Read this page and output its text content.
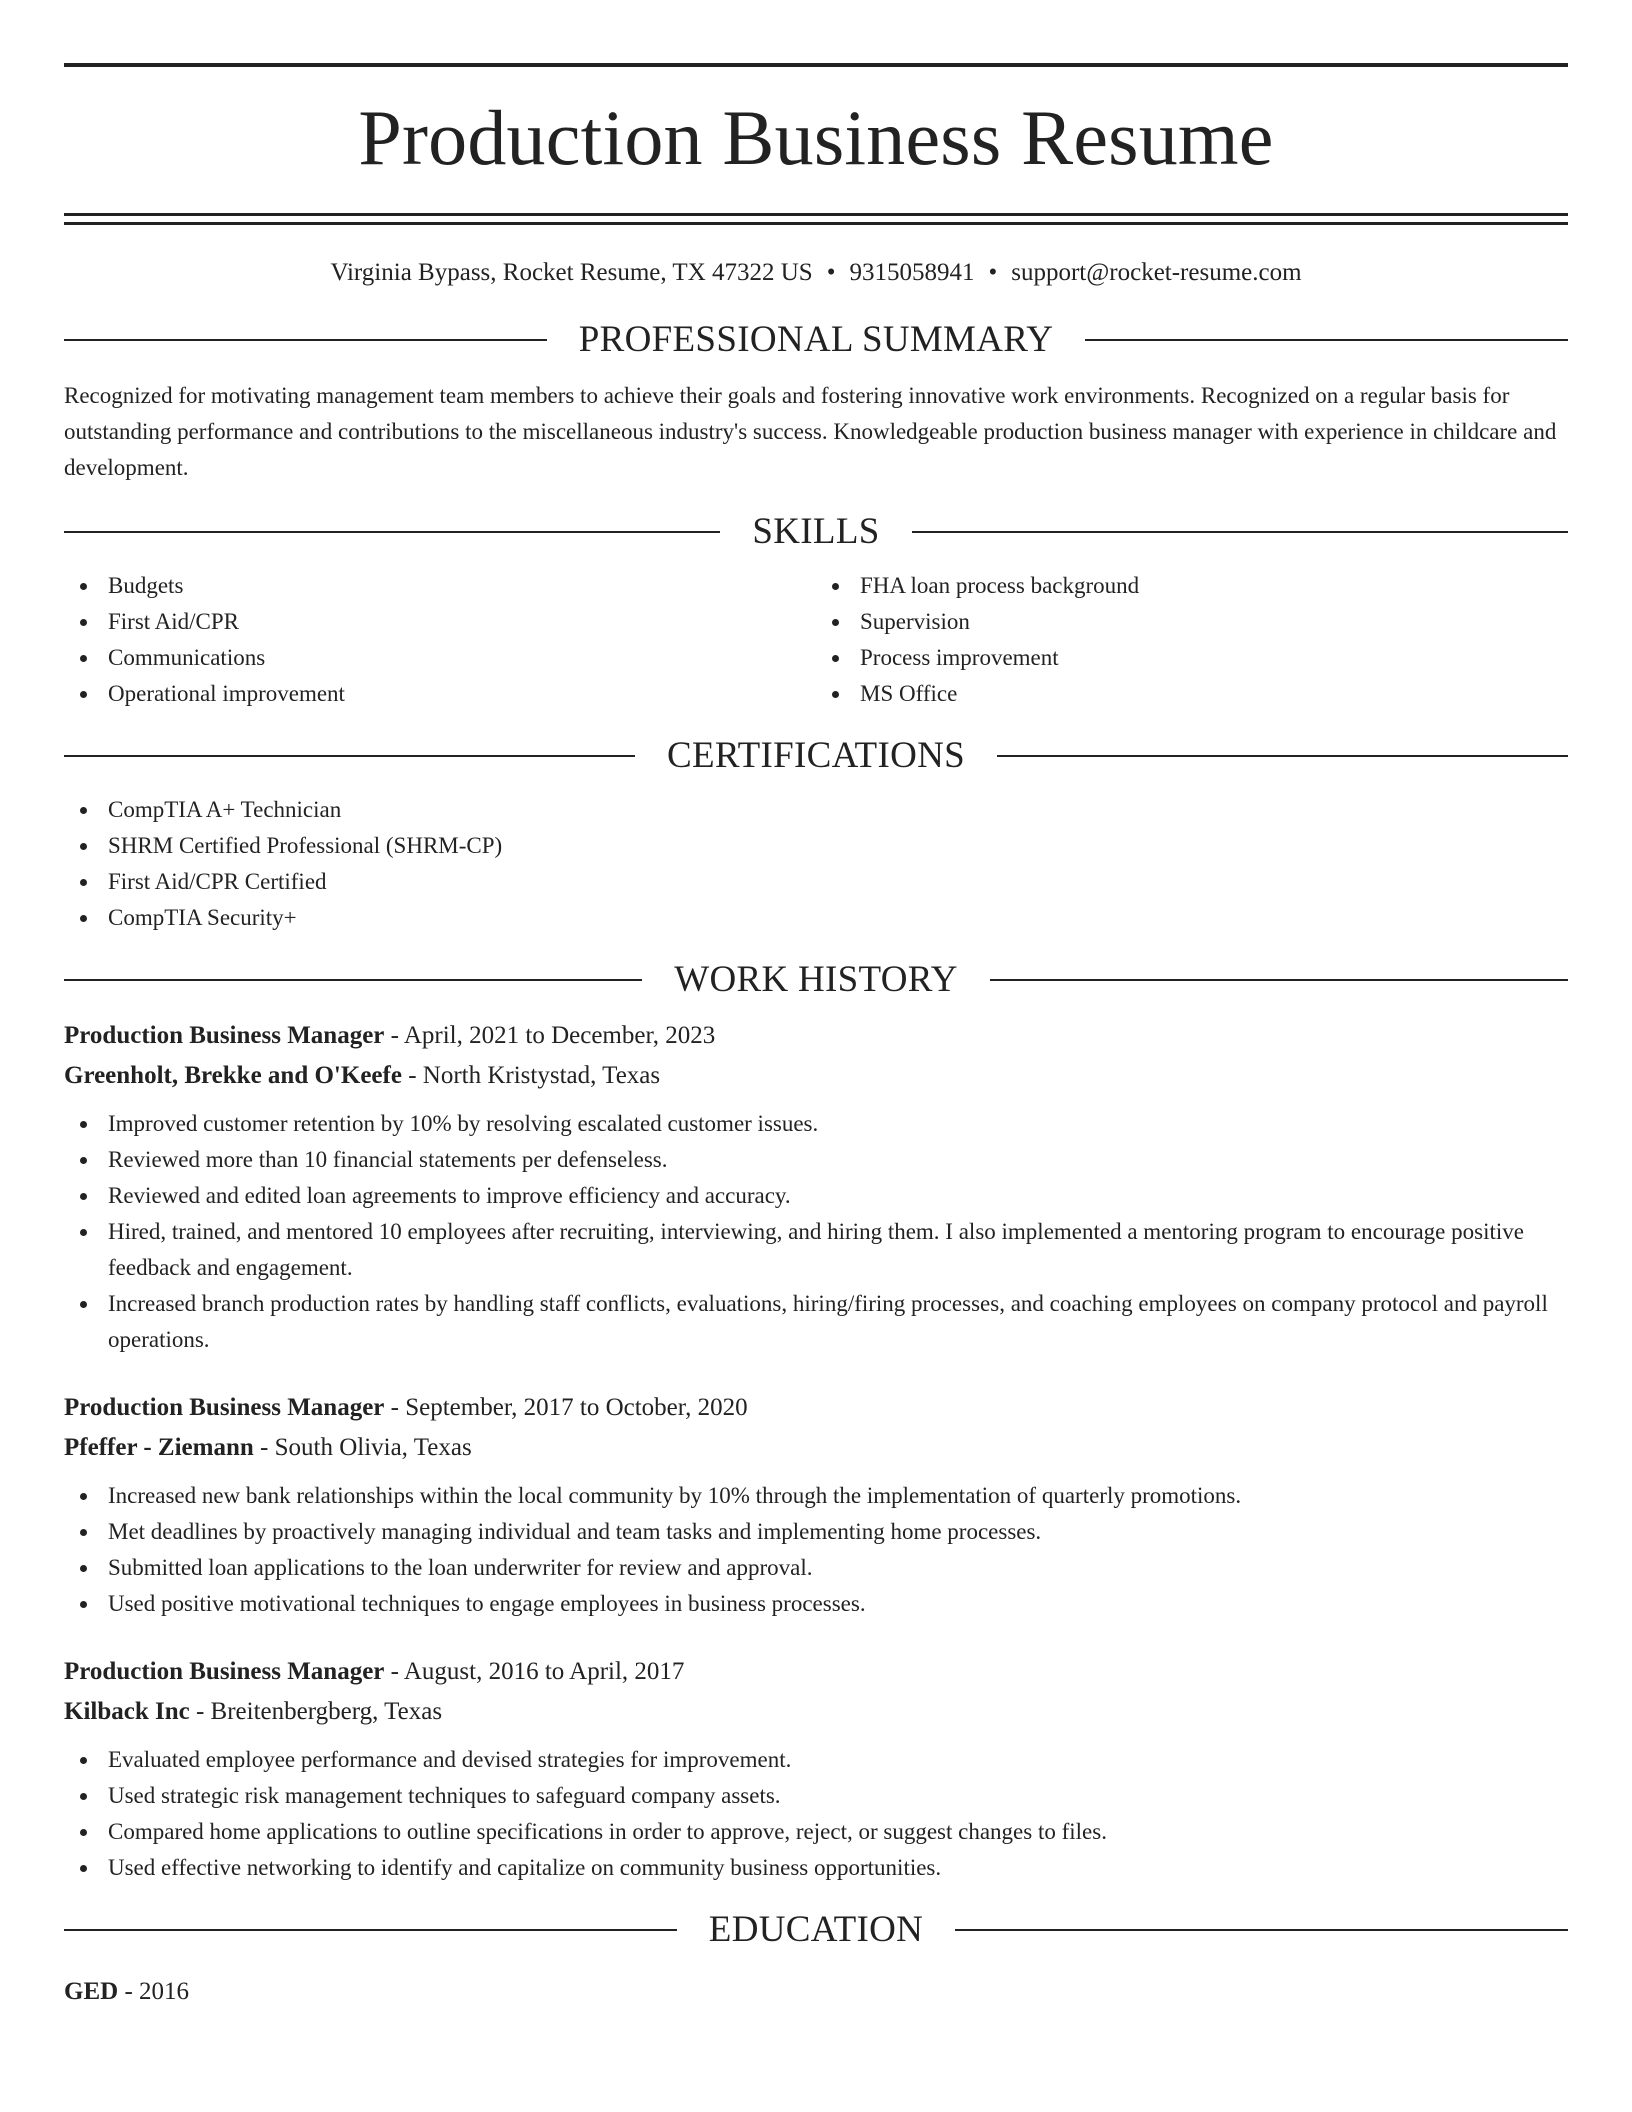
Production Business Resume
Virginia Bypass, Rocket Resume, TX 47322 US • 9315058941 • support@rocket-resume.com
PROFESSIONAL SUMMARY
Recognized for motivating management team members to achieve their goals and fostering innovative work environments. Recognized on a regular basis for outstanding performance and contributions to the miscellaneous industry's success. Knowledgeable production business manager with experience in childcare and development.
SKILLS
Budgets
First Aid/CPR
Communications
Operational improvement
FHA loan process background
Supervision
Process improvement
MS Office
CERTIFICATIONS
CompTIA A+ Technician
SHRM Certified Professional (SHRM-CP)
First Aid/CPR Certified
CompTIA Security+
WORK HISTORY
Production Business Manager - April, 2021 to December, 2023
Greenholt, Brekke and O'Keefe - North Kristystad, Texas
Improved customer retention by 10% by resolving escalated customer issues.
Reviewed more than 10 financial statements per defenseless.
Reviewed and edited loan agreements to improve efficiency and accuracy.
Hired, trained, and mentored 10 employees after recruiting, interviewing, and hiring them. I also implemented a mentoring program to encourage positive feedback and engagement.
Increased branch production rates by handling staff conflicts, evaluations, hiring/firing processes, and coaching employees on company protocol and payroll operations.
Production Business Manager - September, 2017 to October, 2020
Pfeffer - Ziemann - South Olivia, Texas
Increased new bank relationships within the local community by 10% through the implementation of quarterly promotions.
Met deadlines by proactively managing individual and team tasks and implementing home processes.
Submitted loan applications to the loan underwriter for review and approval.
Used positive motivational techniques to engage employees in business processes.
Production Business Manager - August, 2016 to April, 2017
Kilback Inc - Breitenbergberg, Texas
Evaluated employee performance and devised strategies for improvement.
Used strategic risk management techniques to safeguard company assets.
Compared home applications to outline specifications in order to approve, reject, or suggest changes to files.
Used effective networking to identify and capitalize on community business opportunities.
EDUCATION
GED - 2016
